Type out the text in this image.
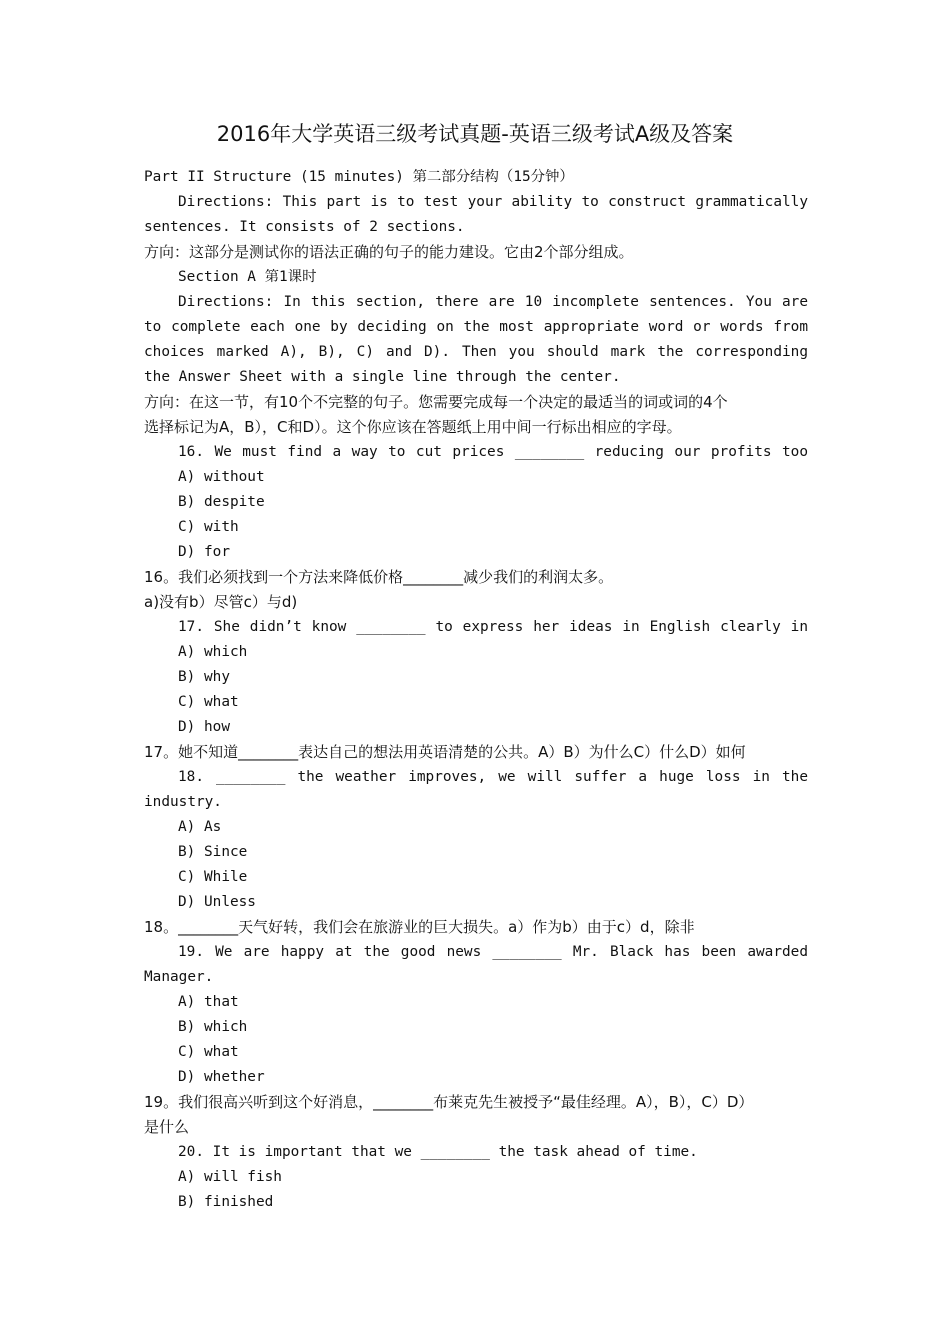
2016年大学英语三级考试真题-英语三级考试A级及答案
Part II Structure (15 minutes) 第二部分结构（15分钟）
Directions: This part is to test your ability to construct grammatically
sentences. It consists of 2 sections.
方向：这部分是测试你的语法正确的句子的能力建设。它由2个部分组成。
Section A 第1课时
Directions: In this section, there are 10 incomplete sentences. You are
to complete each one by deciding on the most appropriate word or words from
choices marked A), B), C) and D). Then you should mark the corresponding
the Answer Sheet with a single line through the center.
方向：在这一节，有10个不完整的句子。您需要完成每一个决定的最适当的词或词的4个
选择标记为A，B），C和D）。这个你应该在答题纸上用中间一行标出相应的字母。
16. We must find a way to cut prices ________ reducing our profits too
A) without
B) despite
C) with
D) for
16。我们必须找到一个方法来降低价格________减少我们的利润太多。
a)没有b）尽管c）与d)
17. She didn’t know ________ to express her ideas in English clearly in
A) which
B) why
C) what
D) how
17。她不知道________表达自己的想法用英语清楚的公共。A）B）为什么C）什么D）如何
18. ________ the weather improves, we will suffer a huge loss in the
industry.
A) As
B) Since
C) While
D) Unless
18。________天气好转，我们会在旅游业的巨大损失。a）作为b）由于c）d，除非
19. We are happy at the good news ________ Mr. Black has been awarded
Manager.
A) that
B) which
C) what
D) whether
19。我们很高兴听到这个好消息，________布莱克先生被授予“最佳经理。A），B），C）D）
是什么
20. It is important that we ________ the task ahead of time.
A) will fish
B) finished
